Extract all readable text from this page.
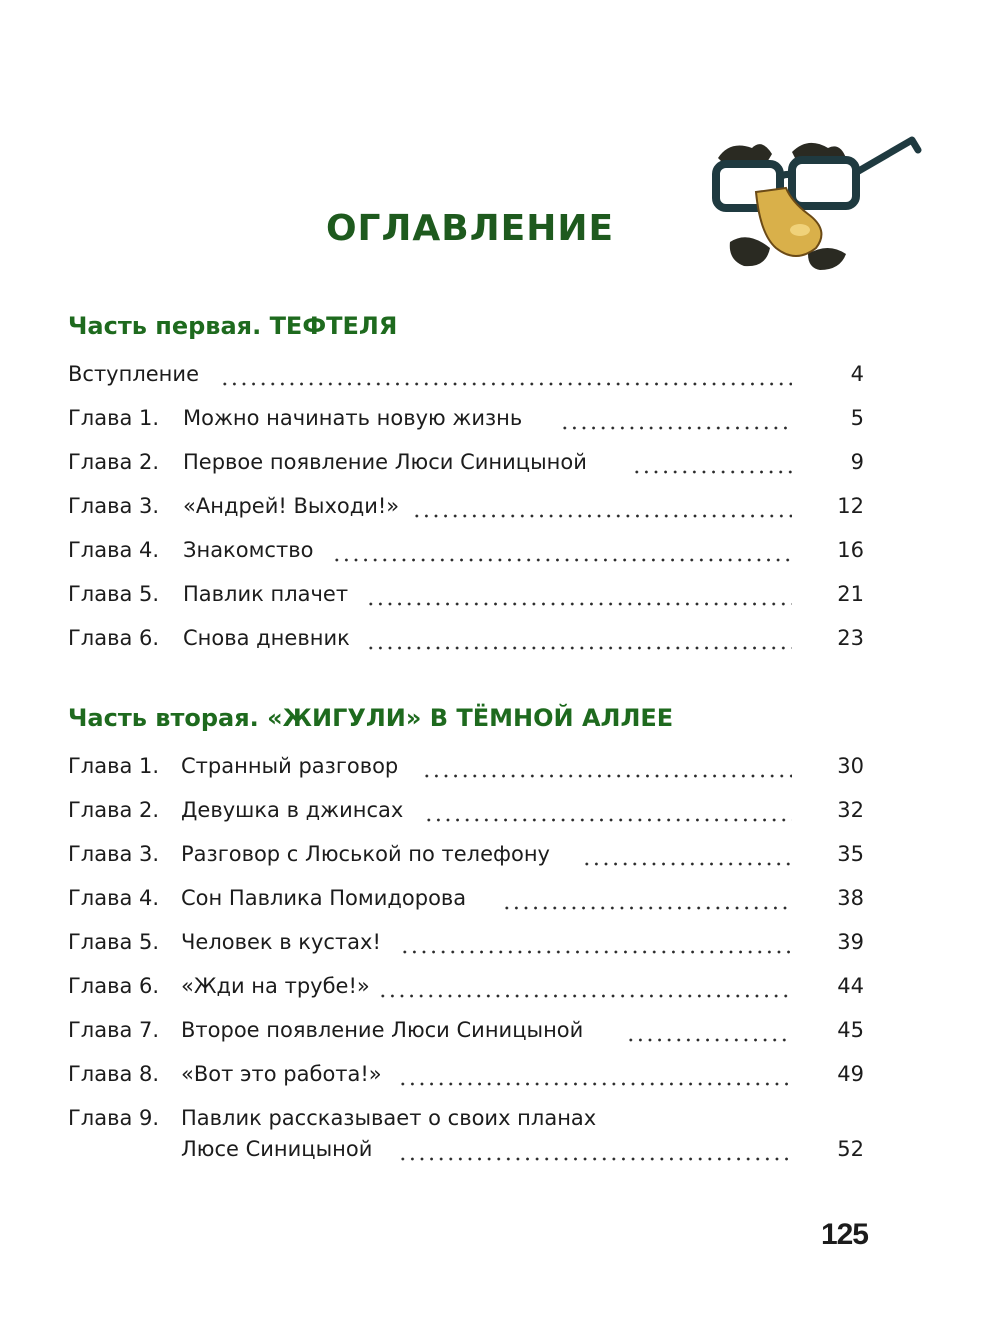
ОГЛАВЛЕНИЕ
Часть первая. ТЕФТЕЛЯ
Вступление	4
Глава 1. Можно начинать новую жизнь	5
Глава 2. Первое появление Люси Синицыной	9
Глава 3. «Андрей! Выходи!»	12
Глава 4. Знакомство	16
Глава 5. Павлик плачет	21
Глава 6. Снова дневник	23
Часть вторая. «ЖИГУЛИ» В ТЁМНОЙ АЛЛЕЕ
Глава 1. Странный разговор	30
Глава 2. Девушка в джинсах	32
Глава 3. Разговор с Люськой по телефону	35
Глава 4. Сон Павлика Помидорова	38
Глава 5. Человек в кустах!	39
Глава 6. «Жди на трубе!»	44
Глава 7. Второе появление Люси Синицыной	45
Глава 8. «Вот это работа!»	49
Глава 9. Павлик рассказывает о своих планах
Люсе Синицыной	52
125
